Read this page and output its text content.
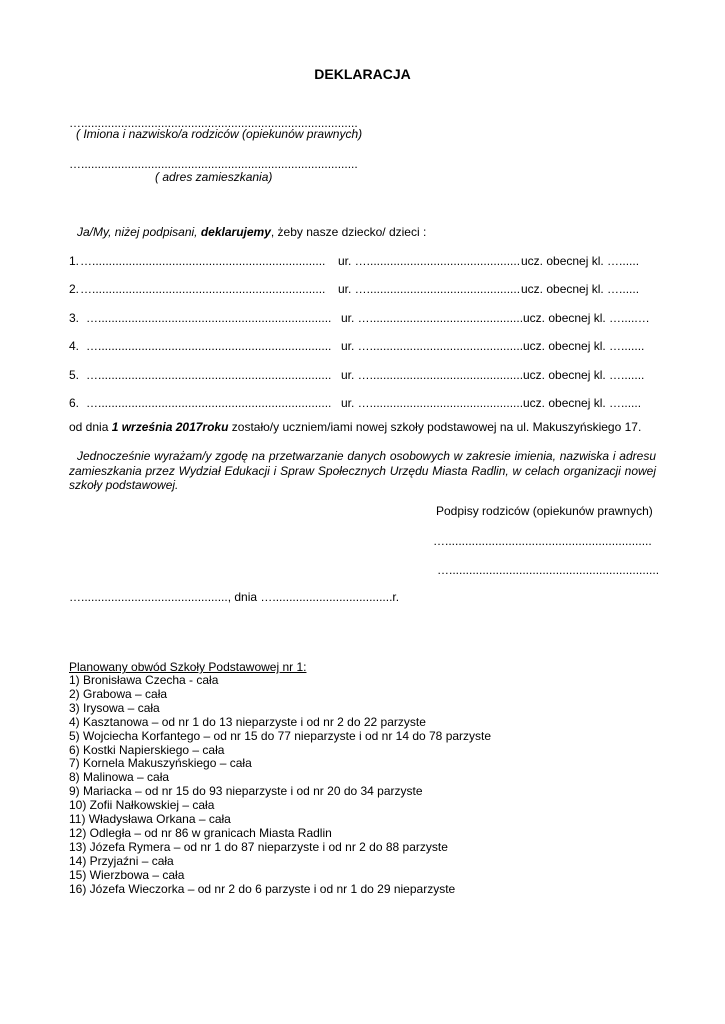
DEKLARACJA
…...................................................................................
( Imiona i nazwisko/a rodziców (opiekunów prawnych)
…...................................................................................
( adres zamieszkania)
Ja/My, niżej podpisani, deklarujemy, żeby nasze dziecko/ dzieci :
1. …...................................................................... ur. ….............................................. ucz. obecnej kl. …......
2. …...................................................................... ur. ….............................................. ucz. obecnej kl. …......
3. …...................................................................... ur. ….............................................. ucz. obecnej kl. ….....…
4. …...................................................................... ur. ….............................................. ucz. obecnej kl. ….......
5. …...................................................................... ur. ….............................................. ucz. obecnej kl. ….......
6. …...................................................................... ur. ….............................................. ucz. obecnej kl. …......
od dnia 1 września 2017roku zostało/y uczniem/iami nowej szkoły podstawowej na ul. Makuszyńskiego 17.
Jednocześnie wyrażam/y zgodę na przetwarzanie danych osobowych w zakresie imienia, nazwiska i adresu zamieszkania przez Wydział Edukacji i Spraw Społecznych Urzędu Miasta Radlin, w celach organizacji nowej szkoły podstawowej.
Podpisy rodziców (opiekunów prawnych)
…..............................................................
…...............................................................
…............................................, dnia …....................................r.
Planowany obwód Szkoły Podstawowej nr 1:
1) Bronisława Czecha - cała
2) Grabowa – cała
3) Irysowa – cała
4) Kasztanowa – od nr 1 do 13 nieparzyste i od nr 2 do 22 parzyste
5) Wojciecha Korfantego – od nr 15 do 77 nieparzyste i od nr 14 do 78 parzyste
6) Kostki Napierskiego – cała
7) Kornela Makuszyńskiego – cała
8) Malinowa – cała
9) Mariacka – od nr 15 do 93 nieparzyste i od nr 20 do 34 parzyste
10) Zofii Nałkowskiej – cała
11) Władysława Orkana – cała
12) Odległa – od nr 86 w granicach Miasta Radlin
13) Józefa Rymera – od nr 1 do 87 nieparzyste i od nr 2 do 88 parzyste
14) Przyjaźni – cała
15) Wierzbowa – cała
16) Józefa Wieczorka – od nr 2 do 6 parzyste i od nr 1 do 29 nieparzyste
